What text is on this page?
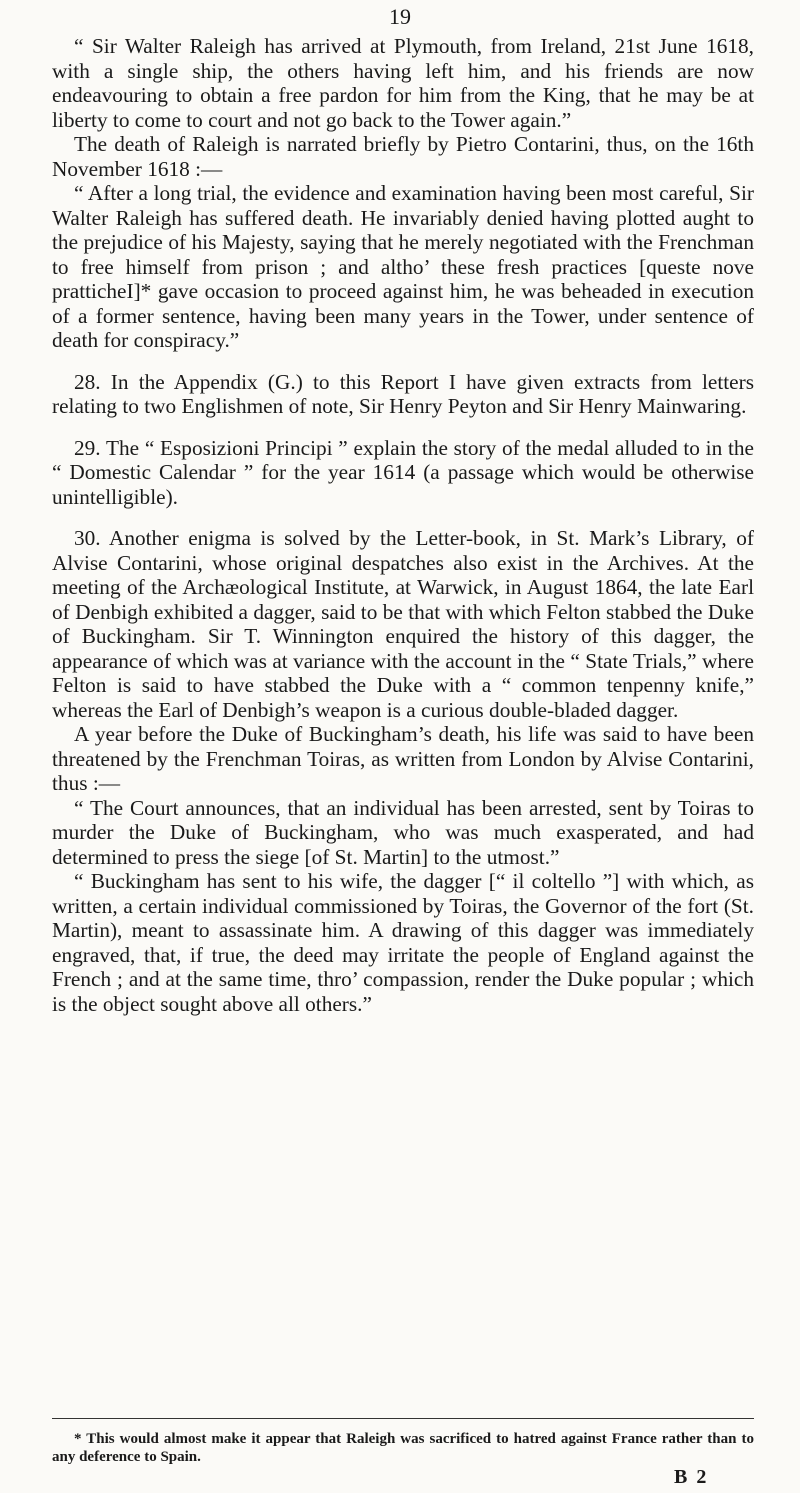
19

“ Sir Walter Raleigh has arrived at Plymouth, from Ireland, 21st June 1618, with a single ship, the others having left him, and his friends are now endeavouring to obtain a free pardon for him from the King, that he may be at liberty to come to court and not go back to the Tower again.”

The death of Raleigh is narrated briefly by Pietro Contarini, thus, on the 16th November 1618 :—

“ After a long trial, the evidence and examination having been most careful, Sir Walter Raleigh has suffered death. He invariably denied having plotted aught to the prejudice of his Majesty, saying that he merely negotiated with the Frenchman to free himself from prison ; and altho’ these fresh practices [queste nove pratticheI]* gave occasion to proceed against him, he was beheaded in execution of a former sentence, having been many years in the Tower, under sentence of death for conspiracy.”

28. In the Appendix (G.) to this Report I have given extracts from letters relating to two Englishmen of note, Sir Henry Peyton and Sir Henry Mainwaring.

29. The “ Esposizioni Principi ” explain the story of the medal alluded to in the “ Domestic Calendar ” for the year 1614 (a passage which would be otherwise unintelligible).

30. Another enigma is solved by the Letter-book, in St. Mark’s Library, of Alvise Contarini, whose original despatches also exist in the Archives. At the meeting of the Archæological Institute, at Warwick, in August 1864, the late Earl of Denbigh exhibited a dagger, said to be that with which Felton stabbed the Duke of Buckingham. Sir T. Winnington enquired the history of this dagger, the appearance of which was at variance with the account in the “ State Trials,” where Felton is said to have stabbed the Duke with a “ common tenpenny knife,” whereas the Earl of Denbigh’s weapon is a curious double-bladed dagger.

A year before the Duke of Buckingham’s death, his life was said to have been threatened by the Frenchman Toiras, as written from London by Alvise Contarini, thus :—

“ The Court announces, that an individual has been arrested, sent by Toiras to murder the Duke of Buckingham, who was much exasperated, and had determined to press the siege [of St. Martin] to the utmost.”

“ Buckingham has sent to his wife, the dagger [“ il coltello ”] with which, as written, a certain individual commissioned by Toiras, the Governor of the fort (St. Martin), meant to assassinate him. A drawing of this dagger was immediately engraved, that, if true, the deed may irritate the people of England against the French ; and at the same time, thro’ compassion, render the Duke popular ; which is the object sought above all others.”

* This would almost make it appear that Raleigh was sacrificed to hatred against France rather than to any deference to Spain.

B 2
